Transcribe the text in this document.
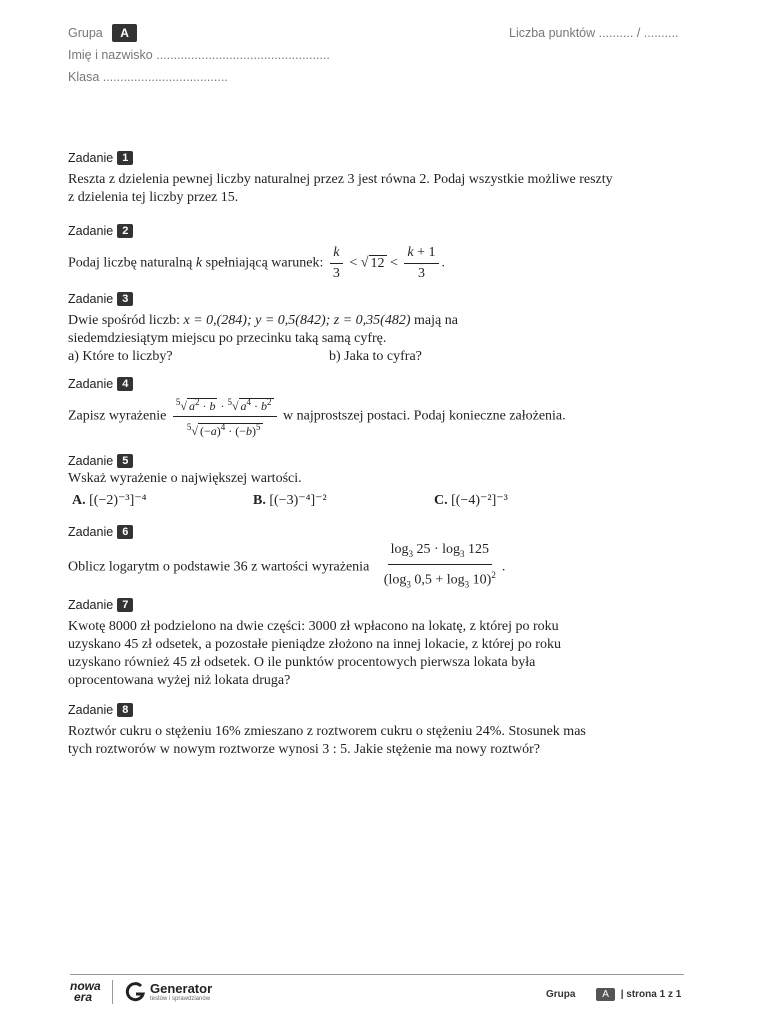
Grupa A	Liczba punktów .......... / ..........
Imię i nazwisko ..................................................
Klasa ....................................
Zadanie 1
Reszta z dzielenia pewnej liczby naturalnej przez 3 jest równa 2. Podaj wszystkie możliwe reszty z dzielenia tej liczby przez 15.
Zadanie 2
Podaj liczbę naturalną k spełniającą warunek: $\frac{k}{3}$ < √ $12 < \frac{k + 1}{3}$ .
Zadanie 3
Dwie spośród liczb: x = 0,(284); y = 0,5(842); z = 0,35(482) mają na siedemdziesiątym miejscu po przecinku taką samą cyfrę.
a) Które to liczby?	b) Jaka to cyfra?
Zadanie 4
Zapisz wyrażenie $\frac{^5√ a^2 \cdot b \cdot ^5√ a^4 \cdot b^2}{^5√ (-a)^4 \cdot (-b)^5}$ w najprostszej postaci. Podaj konieczne założenia.
Zadanie 5
Wskaż wyrażenie o największej wartości.
A. [(−2)⁻³]⁻⁴	B. [(−3)⁻⁴]⁻²	C. [(−4)⁻²]⁻³
Zadanie 6
Oblicz logarytm o podstawie 36 z wartości wyrażenia $\frac{\log_3 25 \cdot \log_3 125}{(\log_3 0,5 + \log_3 10)^2}$ .
Zadanie 7
Kwotę 8000 zł podzielono na dwie części: 3000 zł wpłacono na lokatę, z której po roku uzyskano 45 zł odsetek, a pozostałe pieniądze złożono na innej lokacie, z której po roku uzyskano również 45 zł odsetek. O ile punktów procentowych pierwsza lokata była oprocentowana wyżej niż lokata druga?
Zadanie 8
Roztwór cukru o stężeniu 16% zmieszano z roztworem cukru o stężeniu 24%. Stosunek mas tych roztworów w nowym roztworze wynosi 3 : 5. Jakie stężenie ma nowy roztwór?
nowa
era
Generator
testów i sprawdzianów	Grupa	A | strona 1 z 1
